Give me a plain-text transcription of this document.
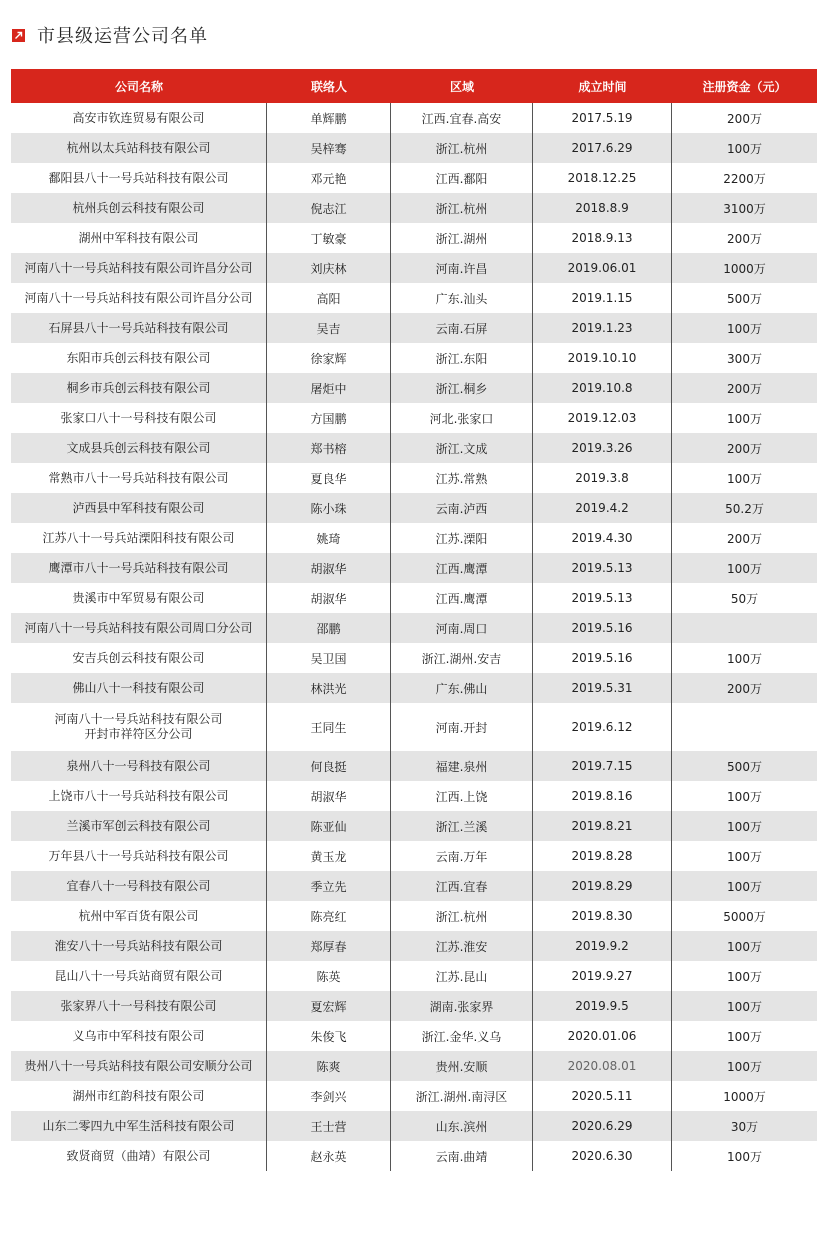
市县级运营公司名单
公司名称	联络人	区域	成立时间	注册资金（元）
高安市钦连贸易有限公司	单辉鹏	江西.宜春.高安	2017.5.19	200万
杭州以太兵站科技有限公司	吴梓骞	浙江.杭州	2017.6.29	100万
鄱阳县八十一号兵站科技有限公司	邓元艳	江西.鄱阳	2018.12.25	2200万
杭州兵创云科技有限公司	倪志江	浙江.杭州	2018.8.9	3100万
湖州中军科技有限公司	丁敏豪	浙江.湖州	2018.9.13	200万
河南八十一号兵站科技有限公司许昌分公司	刘庆林	河南.许昌	2019.06.01	1000万
河南八十一号兵站科技有限公司许昌分公司	高阳	广东.汕头	2019.1.15	500万
石屏县八十一号兵站科技有限公司	吴吉	云南.石屏	2019.1.23	100万
东阳市兵创云科技有限公司	徐家辉	浙江.东阳	2019.10.10	300万
桐乡市兵创云科技有限公司	屠炬中	浙江.桐乡	2019.10.8	200万
张家口八十一号科技有限公司	方国鹏	河北.张家口	2019.12.03	100万
文成县兵创云科技有限公司	郑书榕	浙江.文成	2019.3.26	200万
常熟市八十一号兵站科技有限公司	夏良华	江苏.常熟	2019.3.8	100万
泸西县中军科技有限公司	陈小珠	云南.泸西	2019.4.2	50.2万
江苏八十一号兵站溧阳科技有限公司	姚琦	江苏.溧阳	2019.4.30	200万
鹰潭市八十一号兵站科技有限公司	胡淑华	江西.鹰潭	2019.5.13	100万
贵溪市中军贸易有限公司	胡淑华	江西.鹰潭	2019.5.13	50万
河南八十一号兵站科技有限公司周口分公司	邵鹏	河南.周口	2019.5.16
安吉兵创云科技有限公司	吴卫国	浙江.湖州.安吉	2019.5.16	100万
佛山八十一科技有限公司	林洪光	广东.佛山	2019.5.31	200万
河南八十一号兵站科技有限公司
开封市祥符区分公司	王同生	河南.开封	2019.6.12
泉州八十一号科技有限公司	何良挺	福建.泉州	2019.7.15	500万
上饶市八十一号兵站科技有限公司	胡淑华	江西.上饶	2019.8.16	100万
兰溪市军创云科技有限公司	陈亚仙	浙江.兰溪	2019.8.21	100万
万年县八十一号兵站科技有限公司	黄玉龙	云南.万年	2019.8.28	100万
宜春八十一号科技有限公司	季立先	江西.宜春	2019.8.29	100万
杭州中军百货有限公司	陈亮红	浙江.杭州	2019.8.30	5000万
淮安八十一号兵站科技有限公司	郑厚春	江苏.淮安	2019.9.2	100万
昆山八十一号兵站商贸有限公司	陈英	江苏.昆山	2019.9.27	100万
张家界八十一号科技有限公司	夏宏辉	湖南.张家界	2019.9.5	100万
义乌市中军科技有限公司	朱俊飞	浙江.金华.义乌	2020.01.06	100万
贵州八十一号兵站科技有限公司安顺分公司	陈爽	贵州.安顺	2020.08.01	100万
湖州市红韵科技有限公司	李剑兴	浙江.湖州.南浔区	2020.5.11	1000万
山东二零四九中军生活科技有限公司	王士营	山东.滨州	2020.6.29	30万
致贤商贸（曲靖）有限公司	赵永英	云南.曲靖	2020.6.30	100万
